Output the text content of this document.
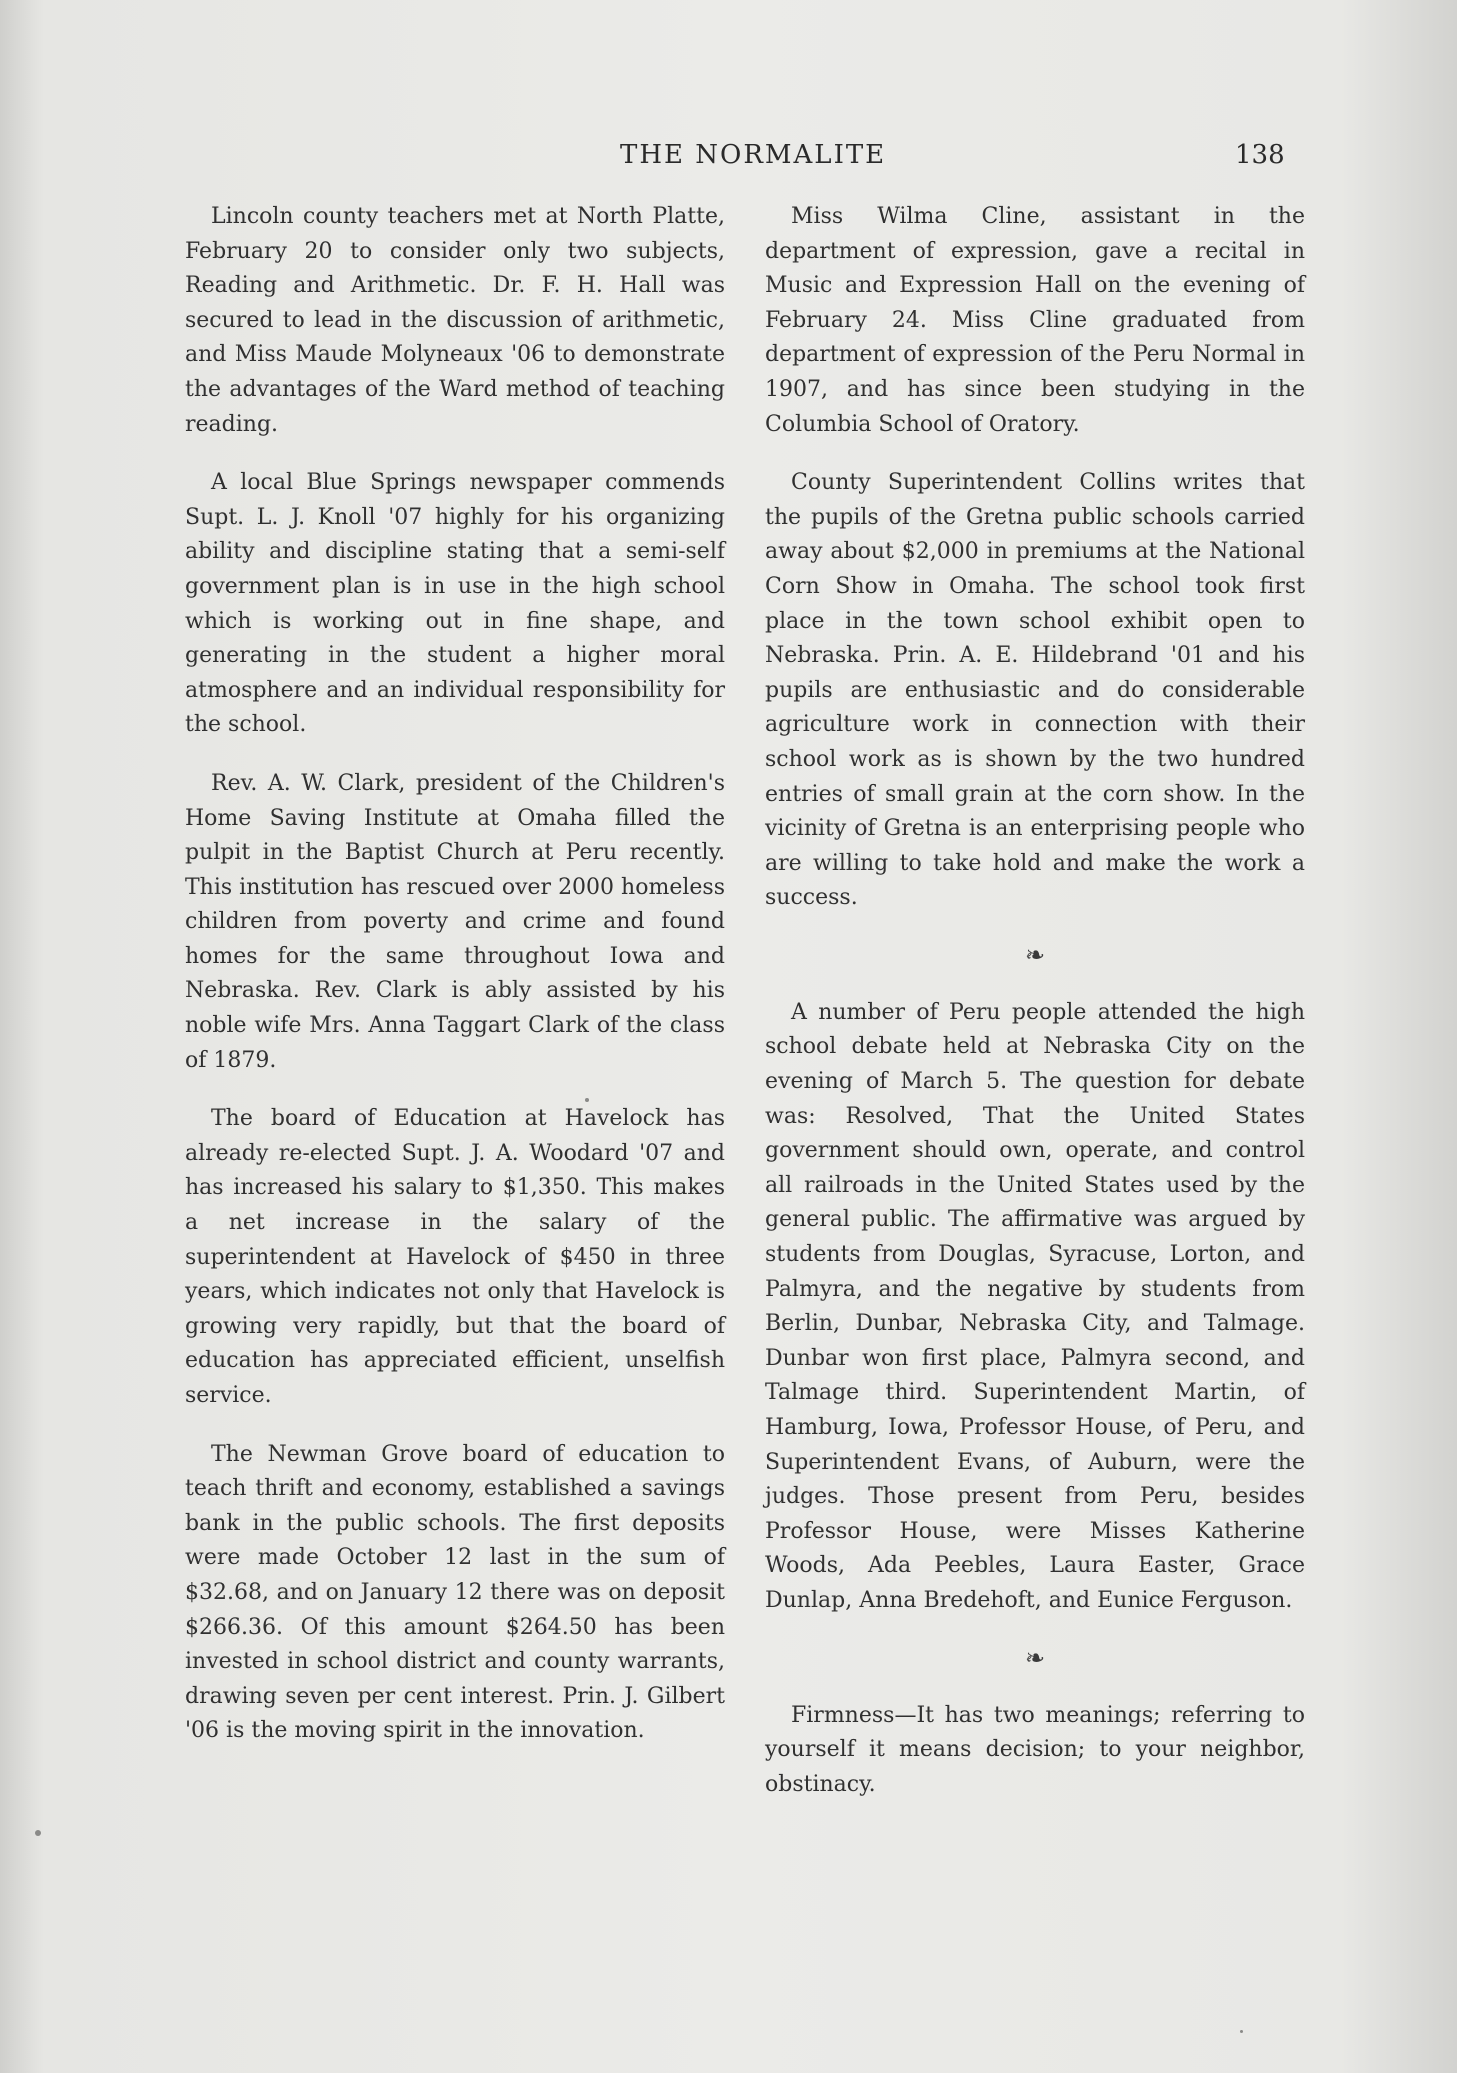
THE NORMALITE	138

Lincoln county teachers met at North Platte, February 20 to consider only two subjects, Reading and Arithmetic. Dr. F. H. Hall was secured to lead in the discussion of arithmetic, and Miss Maude Molyneaux '06 to demonstrate the advantages of the Ward method of teaching reading.

A local Blue Springs newspaper commends Supt. L. J. Knoll '07 highly for his organizing ability and discipline stating that a semi-self government plan is in use in the high school which is working out in fine shape, and generating in the student a higher moral atmosphere and an individual responsibility for the school.

Rev. A. W. Clark, president of the Children's Home Saving Institute at Omaha filled the pulpit in the Baptist Church at Peru recently. This institution has rescued over 2000 homeless children from poverty and crime and found homes for the same throughout Iowa and Nebraska. Rev. Clark is ably assisted by his noble wife Mrs. Anna Taggart Clark of the class of 1879.

The board of Education at Havelock has already re-elected Supt. J. A. Woodard '07 and has increased his salary to $1,350. This makes a net increase in the salary of the superintendent at Havelock of $450 in three years, which indicates not only that Havelock is growing very rapidly, but that the board of education has appreciated efficient, unselfish service.

The Newman Grove board of education to teach thrift and economy, established a savings bank in the public schools. The first deposits were made October 12 last in the sum of $32.68, and on January 12 there was on deposit $266.36. Of this amount $264.50 has been invested in school district and county warrants, drawing seven per cent interest. Prin. J. Gilbert '06 is the moving spirit in the innovation.

Miss Wilma Cline, assistant in the department of expression, gave a recital in Music and Expression Hall on the evening of February 24. Miss Cline graduated from department of expression of the Peru Normal in 1907, and has since been studying in the Columbia School of Oratory.

County Superintendent Collins writes that the pupils of the Gretna public schools carried away about $2,000 in premiums at the National Corn Show in Omaha. The school took first place in the town school exhibit open to Nebraska. Prin. A. E. Hildebrand '01 and his pupils are enthusiastic and do considerable agriculture work in connection with their school work as is shown by the two hundred entries of small grain at the corn show. In the vicinity of Gretna is an enterprising people who are willing to take hold and make the work a success.

❧

A number of Peru people attended the high school debate held at Nebraska City on the evening of March 5. The question for debate was: Resolved, That the United States government should own, operate, and control all railroads in the United States used by the general public. The affirmative was argued by students from Douglas, Syracuse, Lorton, and Palmyra, and the negative by students from Berlin, Dunbar, Nebraska City, and Talmage. Dunbar won first place, Palmyra second, and Talmage third. Superintendent Martin, of Hamburg, Iowa, Professor House, of Peru, and Superintendent Evans, of Auburn, were the judges. Those present from Peru, besides Professor House, were Misses Katherine Woods, Ada Peebles, Laura Easter, Grace Dunlap, Anna Bredehoft, and Eunice Ferguson.

❧

Firmness—It has two meanings; referring to yourself it means decision; to your neighbor, obstinacy.
